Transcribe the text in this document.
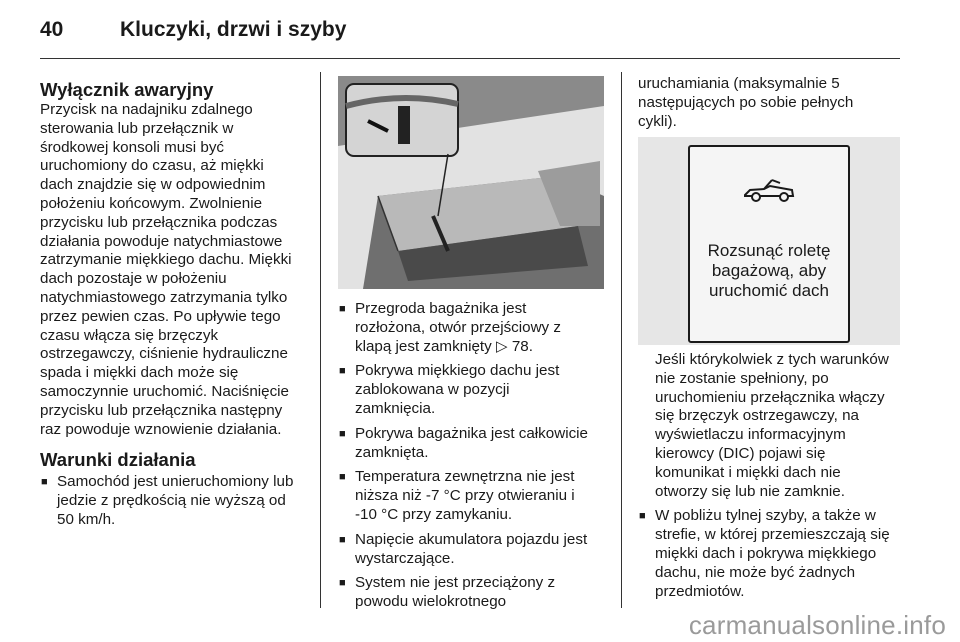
40	Kluczyki, drzwi i szyby
Wyłącznik awaryjny
Przycisk na nadajniku zdalnego
sterowania lub przełącznik w
środkowej konsoli musi być
uruchomiony do czasu, aż miękki
dach znajdzie się w odpowiednim
położeniu końcowym. Zwolnienie
przycisku lub przełącznika podczas
działania powoduje natychmiastowe
zatrzymanie miękkiego dachu. Miękki
dach pozostaje w położeniu
natychmiastowego zatrzymania tylko
przez pewien czas. Po upływie tego
czasu włącza się brzęczyk
ostrzegawczy, ciśnienie hydrauliczne
spada i miękki dach może się
samoczynnie uruchomić. Naciśnięcie
przycisku lub przełącznika następny
raz powoduje wznowienie działania.
Warunki działania
■ Samochód jest unieruchomiony lub
jedzie z prędkością nie wyższą od
50 km/h.
■ Przegroda bagażnika jest
rozłożona, otwór przejściowy z
klapą jest zamknięty ▷ 78.
■ Pokrywa miękkiego dachu jest
zablokowana w pozycji
zamknięcia.
■ Pokrywa bagażnika jest całkowicie
zamknięta.
■ Temperatura zewnętrzna nie jest
niższa niż -7 °C przy otwieraniu i
-10 °C przy zamykaniu.
■ Napięcie akumulatora pojazdu jest
wystarczające.
■ System nie jest przeciążony z
powodu wielokrotnego
uruchamiania (maksymalnie 5
następujących po sobie pełnych
cykli).
Rozsunąć roletę
bagażową, aby
uruchomić dach
Jeśli którykolwiek z tych warunków
nie zostanie spełniony, po
uruchomieniu przełącznika włączy
się brzęczyk ostrzegawczy, na
wyświetlaczu informacyjnym
kierowcy (DIC) pojawi się
komunikat i miękki dach nie
otworzy się lub nie zamknie.
■ W pobliżu tylnej szyby, a także w
strefie, w której przemieszczają się
miękki dach i pokrywa miękkiego
dachu, nie może być żadnych
przedmiotów.
carmanualsonline.info
